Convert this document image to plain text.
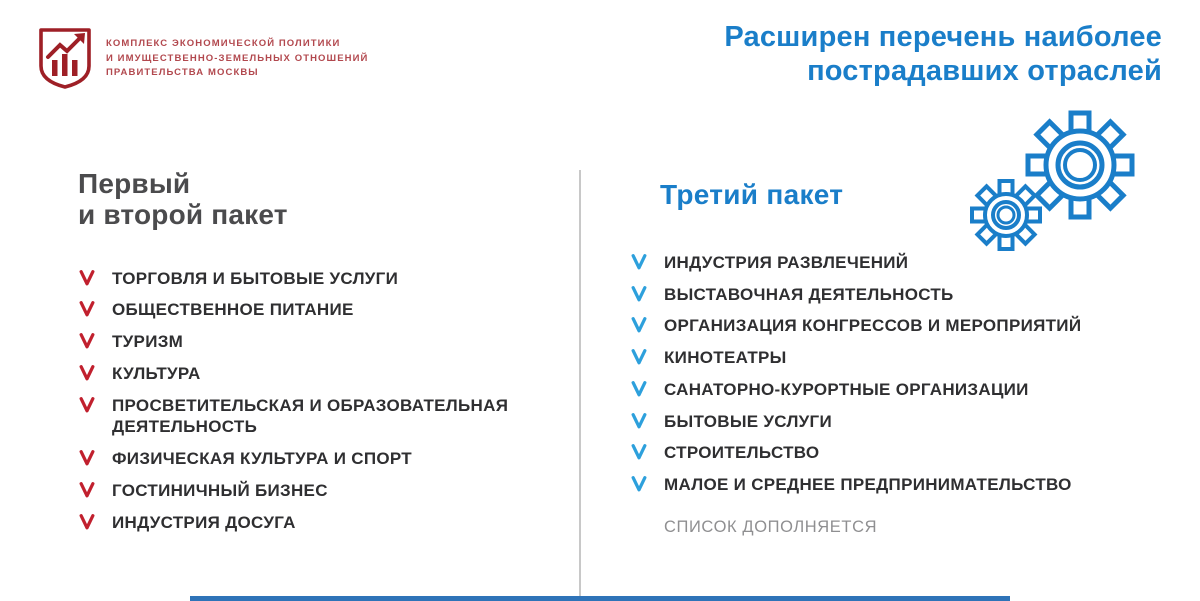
КОМПЛЕКС ЭКОНОМИЧЕСКОЙ ПОЛИТИКИ
И ИМУЩЕСТВЕННО-ЗЕМЕЛЬНЫХ ОТНОШЕНИЙ
ПРАВИТЕЛЬСТВА МОСКВЫ
Расширен перечень наиболее
пострадавших отраслей
Первый
и второй пакет
ТОРГОВЛЯ И БЫТОВЫЕ УСЛУГИ
ОБЩЕСТВЕННОЕ ПИТАНИЕ
ТУРИЗМ
КУЛЬТУРА
ПРОСВЕТИТЕЛЬСКАЯ И ОБРАЗОВАТЕЛЬНАЯ ДЕЯТЕЛЬНОСТЬ
ФИЗИЧЕСКАЯ КУЛЬТУРА И СПОРТ
ГОСТИНИЧНЫЙ БИЗНЕС
ИНДУСТРИЯ ДОСУГА
Третий пакет
ИНДУСТРИЯ РАЗВЛЕЧЕНИЙ
ВЫСТАВОЧНАЯ ДЕЯТЕЛЬНОСТЬ
ОРГАНИЗАЦИЯ КОНГРЕССОВ И МЕРОПРИЯТИЙ
КИНОТЕАТРЫ
САНАТОРНО-КУРОРТНЫЕ ОРГАНИЗАЦИИ
БЫТОВЫЕ УСЛУГИ
СТРОИТЕЛЬСТВО
МАЛОЕ И СРЕДНЕЕ ПРЕДПРИНИМАТЕЛЬСТВО
СПИСОК ДОПОЛНЯЕТСЯ
